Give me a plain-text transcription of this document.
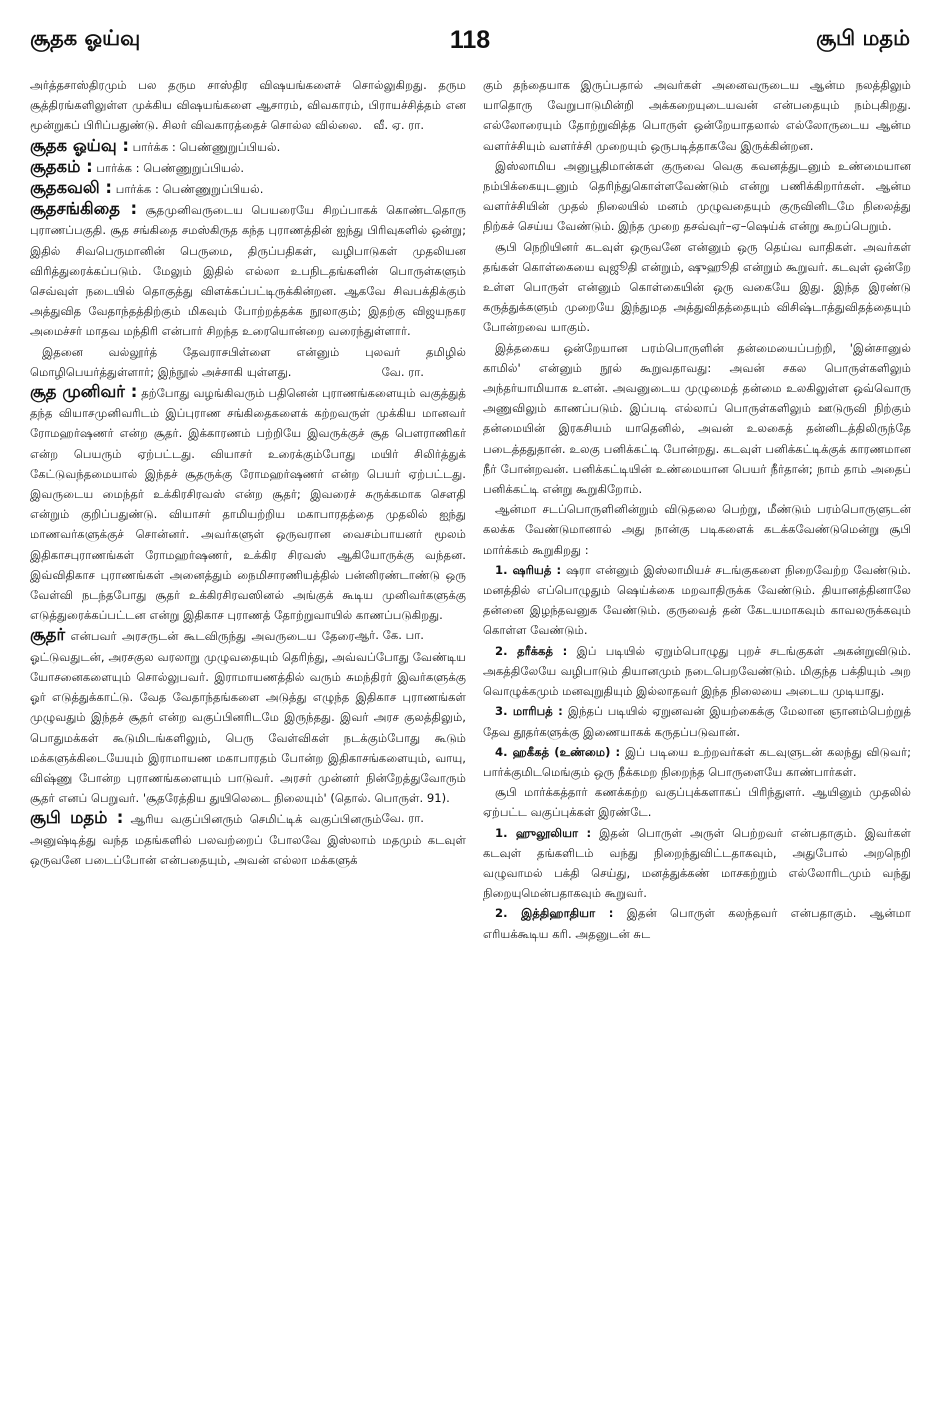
சூதக ஓய்வு	118	சூபி மதம்

அர்த்தசாஸ்திரமும் பல தரும சாஸ்திர விஷயங்களைச் சொல்லுகிறது. தரும சூத்திரங்களிலுள்ள முக்கிய விஷயங்களை ஆசாரம், விவகாரம், பிராயச்சித்தம் என மூன்றுகப் பிரிப்பதுண்டு. சிலர் விவகாரத்தைச் சொல்ல வில்லை. வீ. ஏ. ரா.

சூதக ஓய்வு : பார்க்க : பெண்ணுறுப்பியல்.

சூதகம் : பார்க்க : பெண்ணுறுப்பியல்.

சூதகவலி : பார்க்க : பெண்ணுறுப்பியல்.

சூதசங்கிதை : சூதமுனிவருடைய பெயரையே சிறப்பாகக் கொண்டதொரு புராணப்பகுதி. சூத சங்கிதை சமஸ்கிருத கந்த புராணத்தின் ஐந்து பிரிவுகளில் ஒன்று; இதில் சிவபெருமானின் பெருமை, திருப்பதிகள், வழிபாடுகள் முதலியன விரித்துரைக்கப்படும். மேலும் இதில் எல்லா உபநிடதங்களின் பொருள்களும் செவ்வுள் நடையில் தொகுத்து விளக்கப்பட்டிருக்கின்றன. ஆகவே சிவபக்திக்கும் அத்துவித வேதாந்தத்திற்கும் மிகவும் போற்றத்தக்க நூலாகும்; இதற்கு விஜயநகர அமைச்சர் மாதவ மந்திரி என்பார் சிறந்த உரையொன்றை வரைந்துள்ளார்.

இதனை வல்லூர்த் தேவராசபிள்ளை என்னும் புலவர் தமிழில் மொழிபெயர்த்துள்ளார்; இந்நூல் அச்சாகி யுள்ளது.	வே. ரா.

சூத முனிவர் : தற்போது வழங்கிவரும் பதினென் புராணங்களையும் வகுத்துத் தந்த வியாசமுனிவரிடம் இப்புராண சங்கிதைகளைக் கற்றவருள் முக்கிய மானவர் ரோமஹர்ஷணர் என்ற சூதர். இக்காரணம் பற்றியே இவருக்குச் சூத பௌராணிகர் என்ற பெயரும் ஏற்பட்டது. வியாசர் உரைக்கும்போது மயிர் சிலிர்த்துக் கேட்டுவந்தமையால் இந்தச் சூதருக்கு ரோமஹர்ஷணர் என்ற பெயர் ஏற்பட்டது. இவருடைய மைந்தர் உக்கிரசிரவஸ் என்ற சூதர்; இவரைச் சுருக்கமாக சௌதி என்றும் குறிப்பதுண்டு. வியாசர் தாமியற்றிய மகாபாரதத்தை முதலில் ஐந்து மாணவர்களுக்குச் சொன்னர். அவர்களுள் ஒருவரான வைசம்பாயனர் மூலம் இதிகாசபுராணங்கள் ரோமஹர்ஷணர், உக்கிர சிரவஸ் ஆகியோருக்கு வந்தன. இவ்விதிகாச புராணங்கள் அனைத்தும் நைமிசாரணியத்தில் பன்னிரண்டாண்டு ஒரு வேள்வி நடந்தபோது சூதர் உக்கிரசிரவஸினல் அங்குக் கூடிய முனிவர்களுக்கு எடுத்துரைக்கப்பட்டன என்று இதிகாச புராணத் தோற்றுவாயில் காணப்படுகிறது.
ஆர். கே. பா.

சூதர் என்பவர் அரசருடன் கூடவிருந்து அவருடைய தேரை ஓட்டுவதுடன், அரசகுல வரலாறு முழுவதையும் தெரிந்து, அவ்வப்போது வேண்டிய யோசனைகளையும் சொல்லுபவர். இராமாயணத்தில் வரும் சுமந்திரர் இவர்களுக்கு ஓர் எடுத்துக்காட்டு. வேத வேதாந்தங்களை அடுத்து எழுந்த இதிகாச புராணங்கள் முழுவதும் இந்தச் சூதர் என்ற வகுப்பினரிடமே இருந்தது. இவர் அரச குலத்திலும், பொதுமக்கள் கூடுமிடங்களிலும், பெரு வேள்விகள் நடக்கும்போது கூடும் மக்களுக்கிடையேயும் இராமாயண மகாபாரதம் போன்ற இதிகாசங்களையும், வாயு, விஷ்ணு போன்ற புராணங்களையும் பாடுவர். அரசர் முன்னர் நின்றேத்துவோரும் சூதர் எனப் பெறுவர். 'சூதரேத்திய துயிலெடை நிலையும்' (தொல். பொருள். 91).
வே. ரா.

சூபி மதம் : ஆரிய வகுப்பினரும் செமிட்டிக் வகுப்பினரும் அனுஷ்டித்து வந்த மதங்களில் பலவற்றைப் போலவே இஸ்லாம் மதமும் கடவுள் ஒருவனே படைப்போன் என்பதையும், அவன் எல்லா மக்களுக்

கும் தந்தையாக இருப்பதால் அவர்கள் அனைவருடைய ஆன்ம நலத்திலும் யாதொரு வேறுபாடுமின்றி அக்கறையுடையவன் என்பதையும் நம்புகிறது. எல்லோரையும் தோற்றுவித்த பொருள் ஒன்றேயாதலால் எல்லோருடைய ஆன்ம வளர்ச்சியும் வளர்ச்சி முறையும் ஒருபடித்தாகவே இருக்கின்றன.

இஸ்லாமிய அனுபூதிமான்கள் குருவை வெகு கவனத்துடனும் உண்மையான நம்பிக்கையுடனும் தெரிந்துகொள்ளவேண்டும் என்று பணிக்கிறார்கள். ஆன்ம வளர்ச்சியின் முதல் நிலையில் மனம் முழுவதையும் குருவினிடமே நிலைத்து நிற்கச் செய்ய வேண்டும். இந்த முறை தசவ்வுர்–ஏ–ஷெய்க் என்று கூறப்பெறும்.

சூபி நெறியினர் கடவுள் ஒருவனே என்னும் ஒரு தெய்வ வாதிகள். அவர்கள் தங்கள் கொள்கையை வுஜூதி என்றும், ஷுஹூதி என்றும் கூறுவர். கடவுள் ஒன்றே உள்ள பொருள் என்னும் கொள்கையின் ஒரு வகையே இது. இந்த இரண்டு கருத்துக்களும் முறையே இந்துமத அத்துவிதத்தையும் விசிஷ்டாத்துவிதத்தையும் போன்றவை யாகும்.

இத்தகைய ஒன்றேயான பரம்பொருளின் தன்மையைப்பற்றி, 'இன்சானுல் காமில்' என்னும் நூல் கூறுவதாவது: அவன் சகல பொருள்களிலும் அந்தர்யாமியாக உளன். அவனுடைய முழுமைத் தன்மை உலகிலுள்ள ஒவ்வொரு அணுவிலும் காணப்படும். இப்படி எல்லாப் பொருள்களிலும் ஊடுருவி நிற்கும் தன்மையின் இரகசியம் யாதெனில், அவன் உலகைத் தன்னிடத்திலிருந்தே படைத்ததுதான். உலகு பனிக்கட்டி போன்றது. கடவுள் பனிக்கட்டிக்குக் காரணமான நீர் போன்றவன். பனிக்கட்டியின் உண்மையான பெயர் நீர்தான்; நாம் தாம் அதைப் பனிக்கட்டி என்று கூறுகிறோம்.

ஆன்மா சடப்பொருளினின்றும் விடுதலை பெற்று, மீண்டும் பரம்பொருளுடன் கலக்க வேண்டுமானால் அது நான்கு படிகளைக் கடக்கவேண்டுமென்று சூபி மார்க்கம் கூறுகிறது :

1. ஷரியத் : ஷரா என்னும் இஸ்லாமியச் சடங்குகளை நிறைவேற்ற வேண்டும். மனத்தில் எப்பொழுதும் ஷெய்க்கை மறவாதிருக்க வேண்டும். தியானத்தினாலே தன்னை இழந்தவனுக வேண்டும். குருவைத் தன் கேடயமாகவும் காவலருக்கவும் கொள்ள வேண்டும்.

2. தரீக்கத் : இப் படியில் ஏறும்பொழுது புறச் சடங்குகள் அகன்றுவிடும். அகத்திலேயே வழிபாடும் தியானமும் நடைபெறவேண்டும். மிகுந்த பக்தியும் அற வொழுக்கமும் மனவுறுதியும் இல்லாதவர் இந்த நிலையை அடைய முடியாது.

3. மாரிபத் : இந்தப் படியில் ஏறுனவன் இயற்கைக்கு மேலான ஞானம்பெற்றுத் தேவ தூதர்களுக்கு இணையாகக் கருதப்படுவான்.

4. ஹகீகத் (உண்மை) : இப் படியை உற்றவர்கள் கடவுளுடன் கலந்து விடுவர்; பார்க்குமிடமெங்கும் ஒரு நீக்கமற நிறைந்த பொருளையே காண்பார்கள்.

சூபி மார்க்கத்தார் கணக்கற்ற வகுப்புக்களாகப் பிரிந்துளர். ஆயினும் முதலில் ஏற்பட்ட வகுப்புக்கள் இரண்டே.

1. ஹுலூலியா : இதன் பொருள் அருள் பெற்றவர் என்பதாகும். இவர்கள் கடவுள் தங்களிடம் வந்து நிறைந்துவிட்டதாகவும், அதுபோல் அறநெறி வழுவாமல் பக்தி செய்து, மனத்துக்கண் மாசகற்றும் எல்லோரிடமும் வந்து நிறையுமென்பதாகவும் கூறுவர்.

2. இத்திஹாதியா : இதன் பொருள் கலந்தவர் என்பதாகும். ஆன்மா எரியக்கூடிய கரி. அதனுடன் சுட
